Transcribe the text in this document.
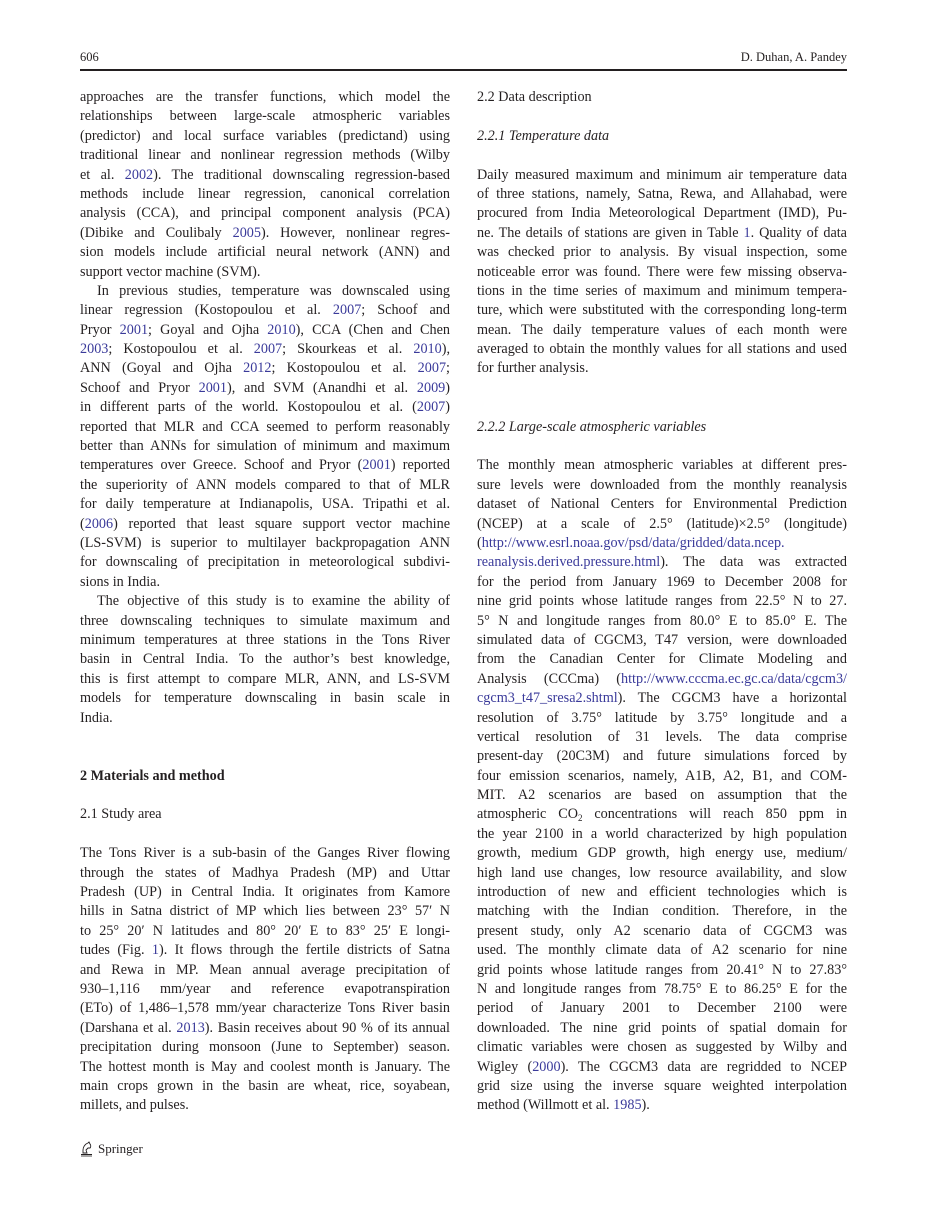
606	D. Duhan, A. Pandey
approaches are the transfer functions, which model the
relationships between large-scale atmospheric variables
(predictor) and local surface variables (predictand) using
traditional linear and nonlinear regression methods (Wilby
et al. 2002). The traditional downscaling regression-based
methods include linear regression, canonical correlation
analysis (CCA), and principal component analysis (PCA)
(Dibike and Coulibaly 2005). However, nonlinear regres-
sion models include artificial neural network (ANN) and
support vector machine (SVM).
In previous studies, temperature was downscaled using
linear regression (Kostopoulou et al. 2007; Schoof and
Pryor 2001; Goyal and Ojha 2010), CCA (Chen and Chen
2003; Kostopoulou et al. 2007; Skourkeas et al. 2010),
ANN (Goyal and Ojha 2012; Kostopoulou et al. 2007;
Schoof and Pryor 2001), and SVM (Anandhi et al. 2009)
in different parts of the world. Kostopoulou et al. (2007)
reported that MLR and CCA seemed to perform reasonably
better than ANNs for simulation of minimum and maximum
temperatures over Greece. Schoof and Pryor (2001) reported
the superiority of ANN models compared to that of MLR
for daily temperature at Indianapolis, USA. Tripathi et al.
(2006) reported that least square support vector machine
(LS-SVM) is superior to multilayer backpropagation ANN
for downscaling of precipitation in meteorological subdivi-
sions in India.
The objective of this study is to examine the ability of
three downscaling techniques to simulate maximum and
minimum temperatures at three stations in the Tons River
basin in Central India. To the author’s best knowledge,
this is first attempt to compare MLR, ANN, and LS-SVM
models for temperature downscaling in basin scale in
India.
2 Materials and method
2.1 Study area
The Tons River is a sub-basin of the Ganges River flowing
through the states of Madhya Pradesh (MP) and Uttar
Pradesh (UP) in Central India. It originates from Kamore
hills in Satna district of MP which lies between 23° 57′ N
to 25° 20′ N latitudes and 80° 20′ E to 83° 25′ E longi-
tudes (Fig. 1). It flows through the fertile districts of Satna
and Rewa in MP. Mean annual average precipitation of
930–1,116 mm/year and reference evapotranspiration
(ETo) of 1,486–1,578 mm/year characterize Tons River basin
(Darshana et al. 2013). Basin receives about 90 % of its annual
precipitation during monsoon (June to September) season.
The hottest month is May and coolest month is January. The
main crops grown in the basin are wheat, rice, soyabean,
millets, and pulses.
2.2 Data description
2.2.1 Temperature data
Daily measured maximum and minimum air temperature data
of three stations, namely, Satna, Rewa, and Allahabad, were
procured from India Meteorological Department (IMD), Pu-
ne. The details of stations are given in Table 1. Quality of data
was checked prior to analysis. By visual inspection, some
noticeable error was found. There were few missing observa-
tions in the time series of maximum and minimum tempera-
ture, which were substituted with the corresponding long-term
mean. The daily temperature values of each month were
averaged to obtain the monthly values for all stations and used
for further analysis.
2.2.2 Large-scale atmospheric variables
The monthly mean atmospheric variables at different pres-
sure levels were downloaded from the monthly reanalysis
dataset of National Centers for Environmental Prediction
(NCEP) at a scale of 2.5° (latitude)×2.5° (longitude)
(http://www.esrl.noaa.gov/psd/data/gridded/data.ncep.
reanalysis.derived.pressure.html). The data was extracted
for the period from January 1969 to December 2008 for
nine grid points whose latitude ranges from 22.5° N to 27.
5° N and longitude ranges from 80.0° E to 85.0° E. The
simulated data of CGCM3, T47 version, were downloaded
from the Canadian Center for Climate Modeling and
Analysis (CCCma) (http://www.cccma.ec.gc.ca/data/cgcm3/
cgcm3_t47_sresa2.shtml). The CGCM3 have a horizontal
resolution of 3.75° latitude by 3.75° longitude and a
vertical resolution of 31 levels. The data comprise
present-day (20C3M) and future simulations forced by
four emission scenarios, namely, A1B, A2, B1, and COM-
MIT. A2 scenarios are based on assumption that the
atmospheric $CO_2$ concentrations will reach 850 ppm in
the year 2100 in a world characterized by high population
growth, medium GDP growth, high energy use, medium/
high land use changes, low resource availability, and slow
introduction of new and efficient technologies which is
matching with the Indian condition. Therefore, in the
present study, only A2 scenario data of CGCM3 was
used. The monthly climate data of A2 scenario for nine
grid points whose latitude ranges from 20.41° N to 27.83°
N and longitude ranges from 78.75° E to 86.25° E for the
period of January 2001 to December 2100 were
downloaded. The nine grid points of spatial domain for
climatic variables were chosen as suggested by Wilby and
Wigley (2000). The CGCM3 data are regridded to NCEP
grid size using the inverse square weighted interpolation
method (Willmott et al. 1985).
Springer
